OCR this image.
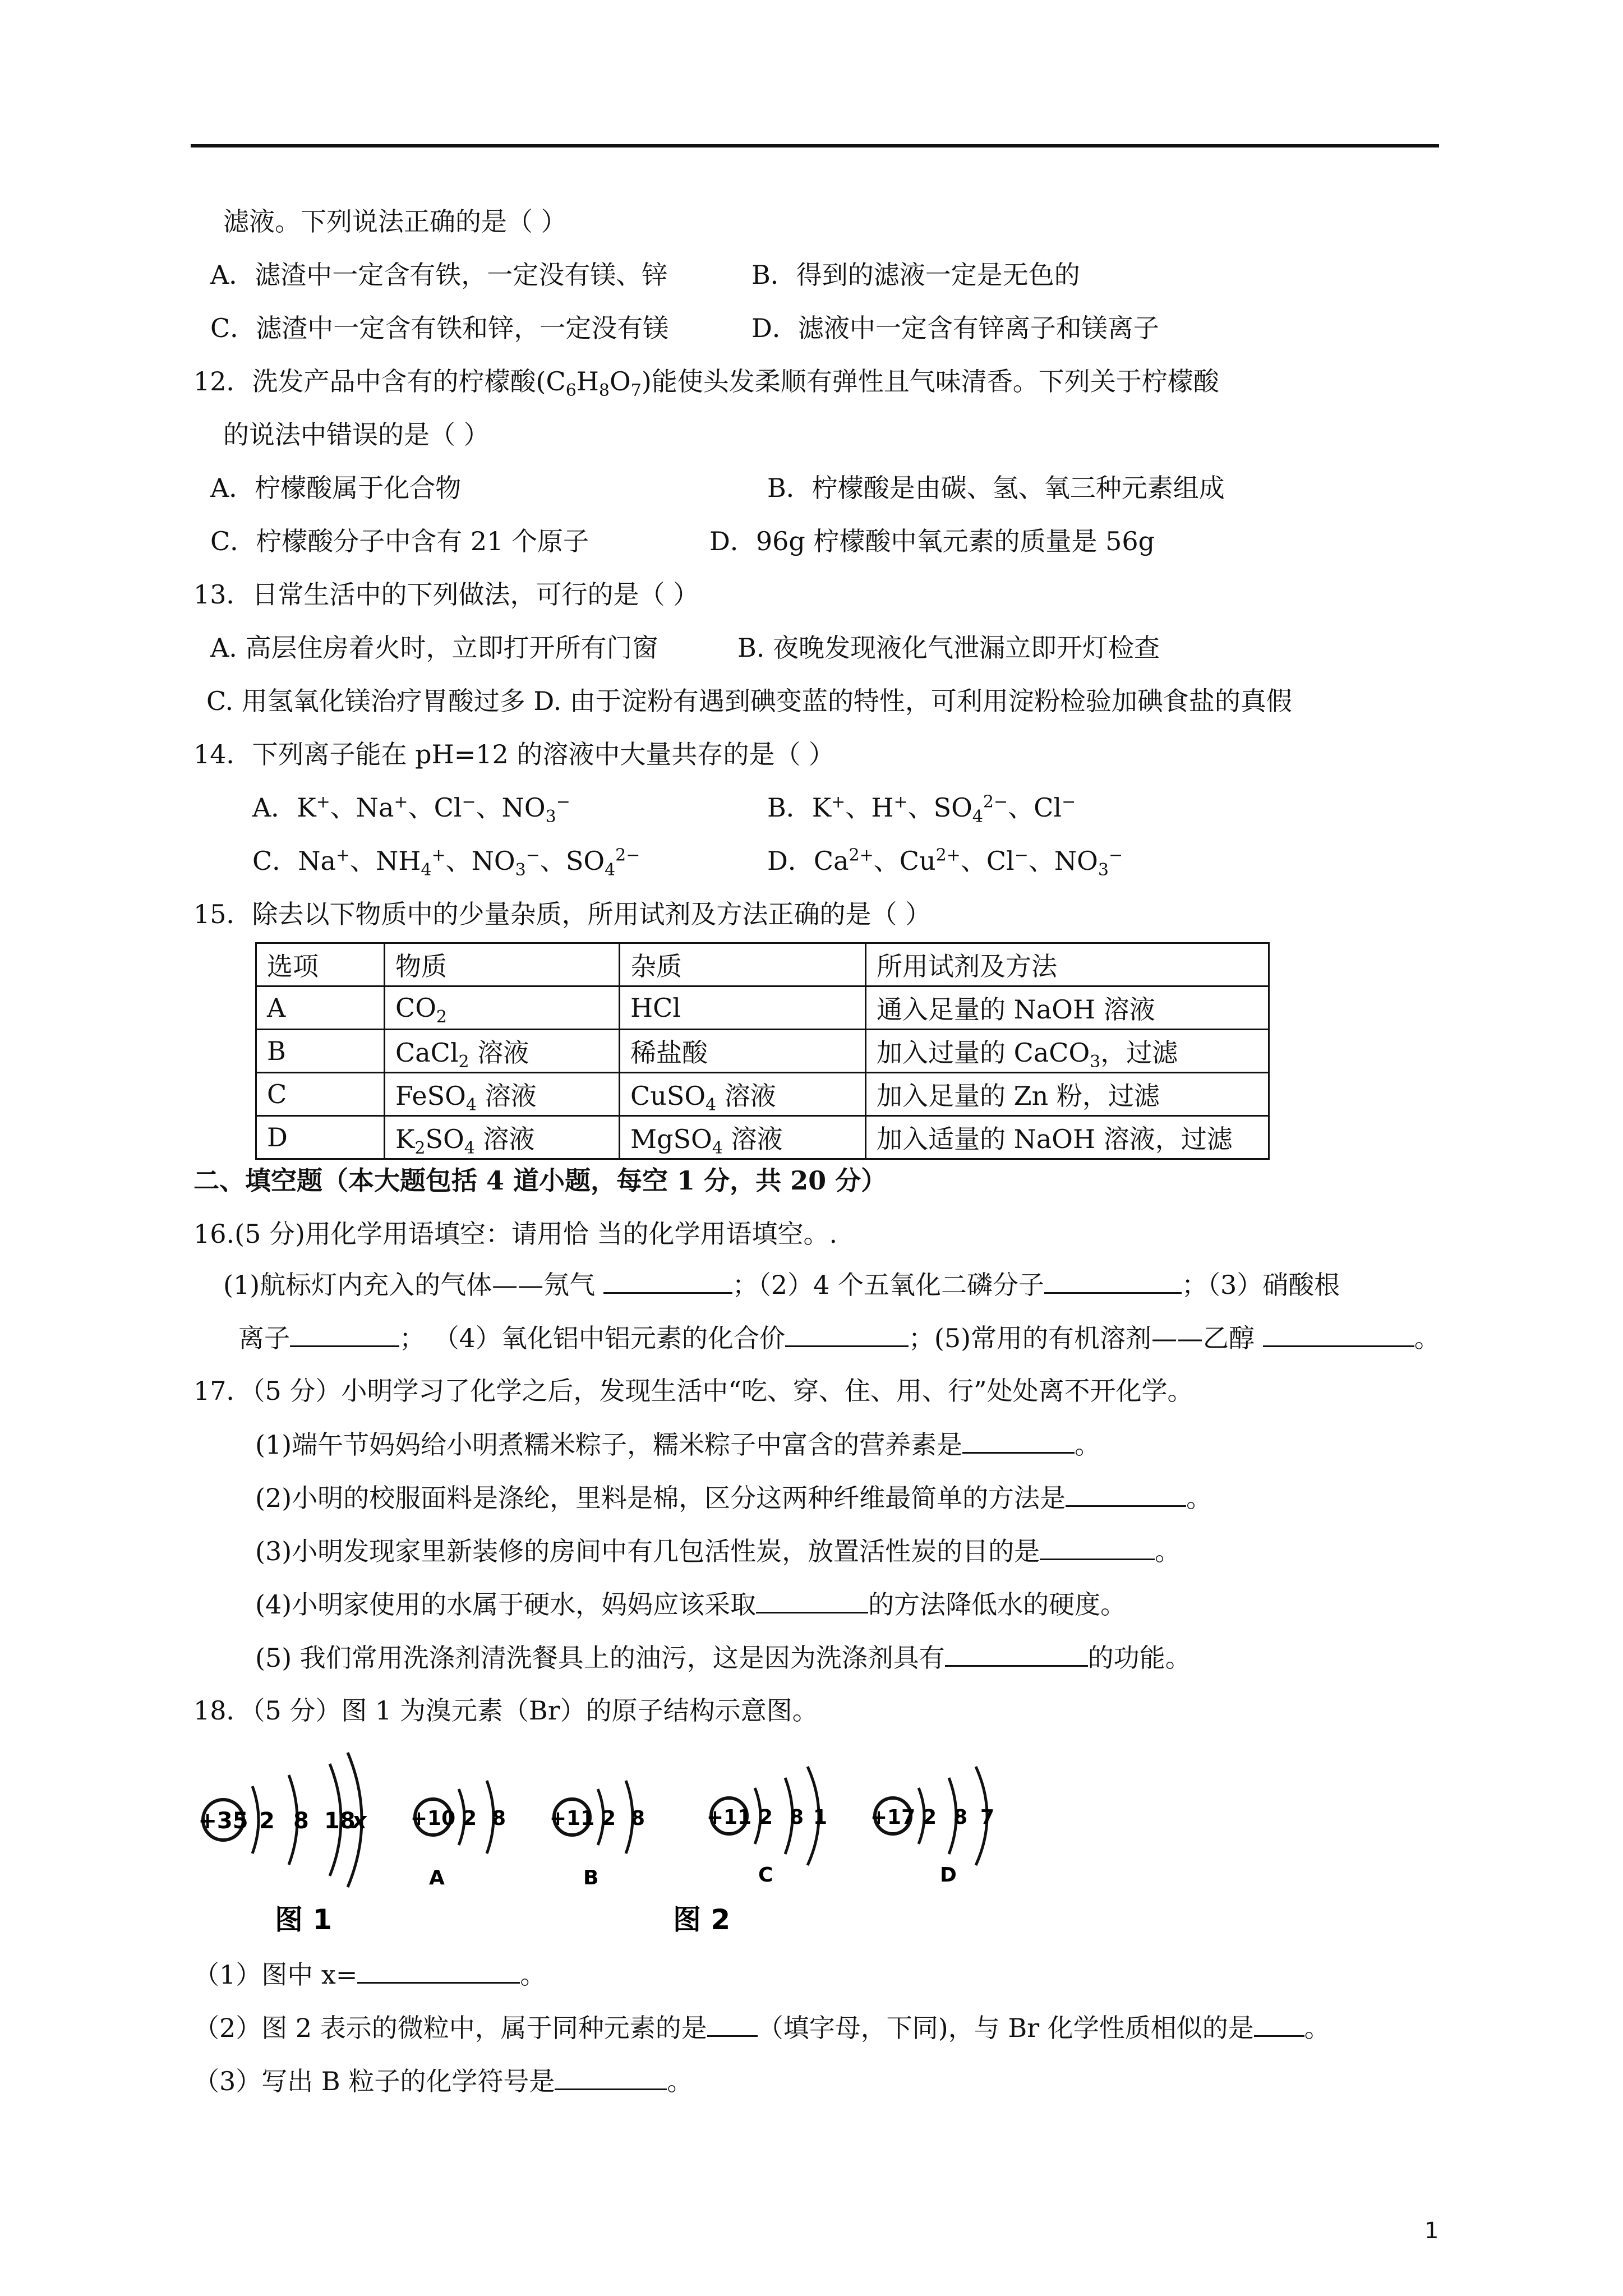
滤液。下列说法正确的是（ ）
A．滤渣中一定含有铁，一定没有镁、锌	B．得到的滤液一定是无色的
C．滤渣中一定含有铁和锌，一定没有镁	D．滤液中一定含有锌离子和镁离子
12．洗发产品中含有的柠檬酸$(C_6H_8O_7)$能使头发柔顺有弹性且气味清香。下列关于柠檬酸
的说法中错误的是（ ）
A．柠檬酸属于化合物	B．柠檬酸是由碳、氢、氧三种元素组成
C．柠檬酸分子中含有 21 个原子	D．96g 柠檬酸中氧元素的质量是 56g
13．日常生活中的下列做法，可行的是（ ）
A. 高层住房着火时，立即打开所有门窗	B. 夜晚发现液化气泄漏立即开灯检查
C. 用氢氧化镁治疗胃酸过多 D. 由于淀粉有遇到碘变蓝的特性，可利用淀粉检验加碘食盐的真假
14．下列离子能在 pH=12 的溶液中大量共存的是（ ）
A．K+、Na+、Cl−、$NO_3^-$	B．K+、H+、$SO_4^{2-}$、Cl−
C．Na+、$NH_4^+$、$NO_3^-$、$SO_4^{2-}$	D．$Ca^{2+}$、$Cu^{2+}$、Cl−、$NO_3^-$
15．除去以下物质中的少量杂质，所用试剂及方法正确的是（ ）
选项	物质	杂质	所用试剂及方法
A	$CO_2$	HCl	通入足量的 NaOH 溶液
B	CaCl$_2$ 溶液	稀盐酸	加入过量的 CaCO$_3$，过滤
C	FeSO$_4$ 溶液	CuSO$_4$ 溶液	加入足量的 Zn 粉，过滤
D	$K_2SO_4$ 溶液	MgSO$_4$ 溶液	加入适量的 NaOH 溶液，过滤
二、填空题（本大题包括 4 道小题，每空 1 分，共 20 分）
16.(5 分)用化学用语填空：请用恰 当的化学用语填空。.
(1)航标灯内充入的气体——氖气	；（2）4 个五氧化二磷分子	；（3）硝酸根
离子	； （4）氧化铝中铝元素的化合价	；(5)常用的有机溶剂——乙醇	。
17．（5 分）小明学习了化学之后，发现生活中“吃、穿、住、用、行”处处离不开化学。
(1)端午节妈妈给小明煮糯米粽子，糯米粽子中富含的营养素是	。
(2)小明的校服面料是涤纶，里料是棉，区分这两种纤维最简单的方法是	。
(3)小明发现家里新装修的房间中有几包活性炭，放置活性炭的目的是	。
(4)小明家使用的水属于硬水，妈妈应该采取	的方法降低水的硬度。
(5) 我们常用洗涤剂清洗餐具上的油污，这是因为洗涤剂具有	的功能。
18．（5 分）图 1 为溴元素（Br）的原子结构示意图。
+35 2 8 18
x +10 2 8
A
+11 2 8
B
+11 2 8 1
C
+17 2 8 7
D
图 1	图 2
（1）图中 x=	。
（2）图 2 表示的微粒中，属于同种元素的是 （填字母，下同)，与 Br 化学性质相似的是 。
（3）写出 B 粒子的化学符号是	。
1
